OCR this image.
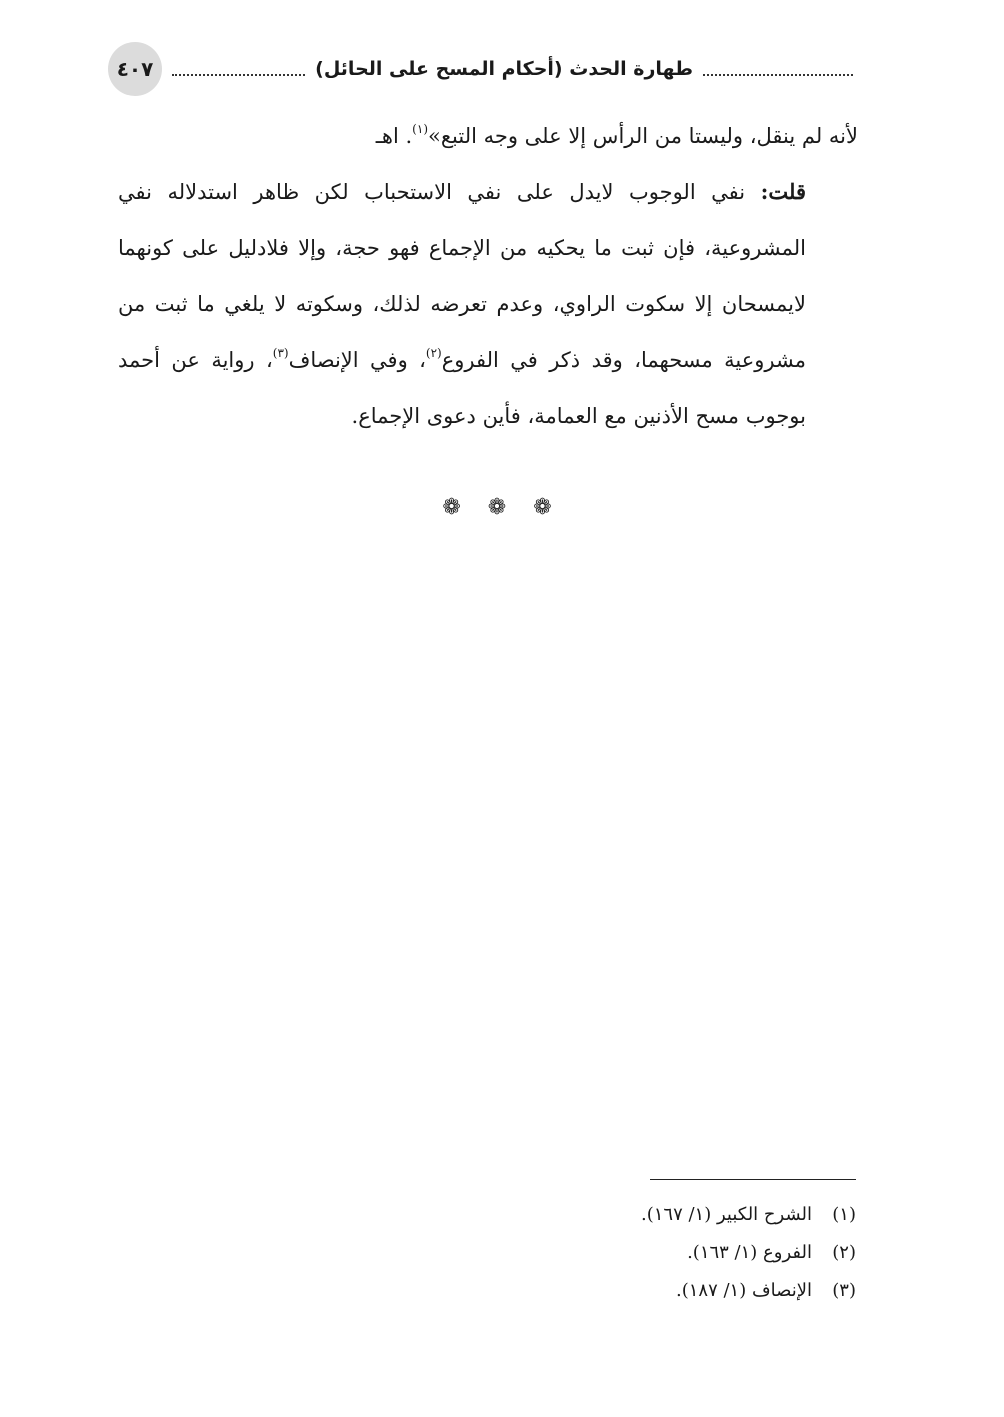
طهارة الحدث (أحكام المسح على الحائل)
٤٠٧

لأنه لم ينقل، وليستا من الرأس إلا على وجه التبع»$^{(١)}$. اهـ

قلت: نفي الوجوب لايدل على نفي الاستحباب لكن ظاهر استدلاله نفي المشروعية، فإن ثبت ما يحكيه من الإجماع فهو حجة، وإلا فلادليل على كونهما لايمسحان إلا سكوت الراوي، وعدم تعرضه لذلك، وسكوته لا يلغي ما ثبت من مشروعية مسحهما، وقد ذكر في الفروع$^{(٢)}$، وفي الإنصاف$^{(٣)}$، رواية عن أحمد بوجوب مسح الأذنين مع العمامة، فأين دعوى الإجماع.

❁ ❁ ❁
(١)
الشرح الكبير (١/ ١٦٧).
(٢)
الفروع (١/ ١٦٣).
(٣)
الإنصاف (١/ ١٨٧).
